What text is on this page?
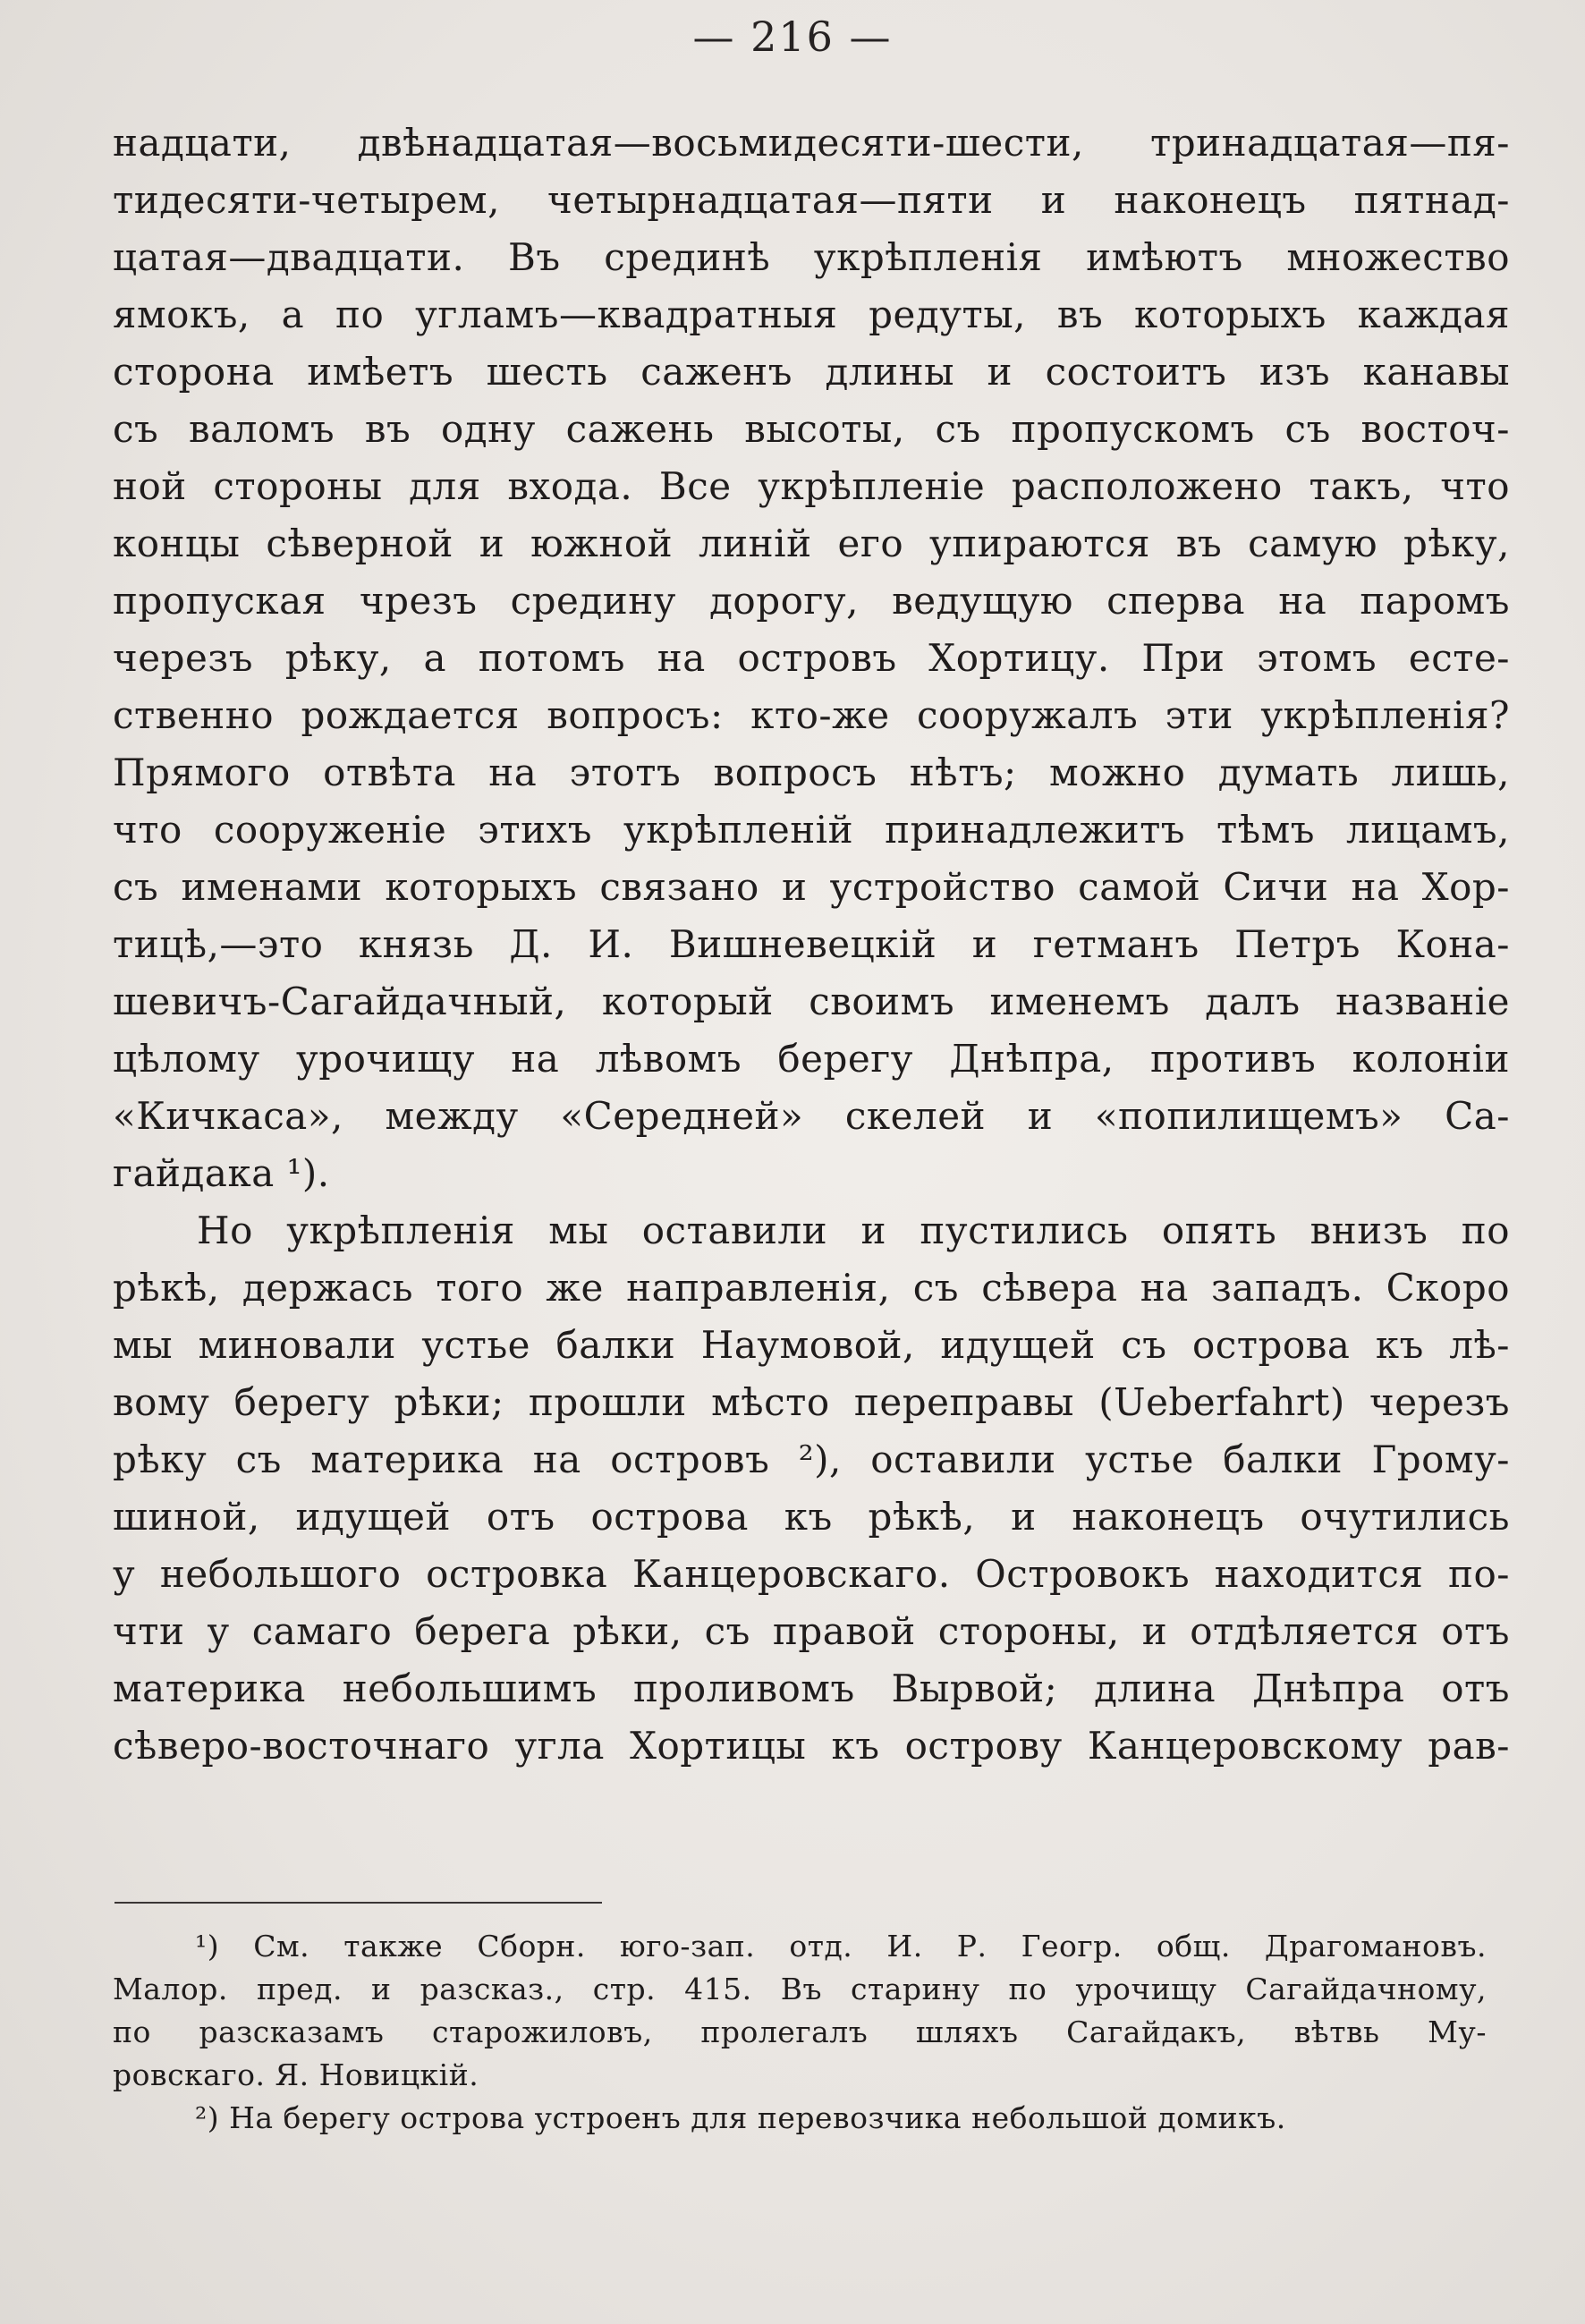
— 216 —
надцати, двѣнадцатая—восьмидесяти-шести, тринадцатая—пя-
тидесяти-четырем, четырнадцатая—пяти и наконецъ пятнад-
цатая—двадцати. Въ срединѣ укрѣпленія имѣютъ множество
ямокъ, а по угламъ—квадратныя редуты, въ которыхъ каждая
сторона имѣетъ шесть саженъ длины и состоитъ изъ канавы
съ валомъ въ одну сажень высоты, съ пропускомъ съ восточ-
ной стороны для входа. Все укрѣпленіе расположено такъ, что
концы сѣверной и южной линій его упираются въ самую рѣку,
пропуская чрезъ средину дорогу, ведущую сперва на паромъ
черезъ рѣку, а потомъ на островъ Хортицу. При этомъ есте-
ственно рождается вопросъ: кто-же сооружалъ эти укрѣпленія?
Прямого отвѣта на этотъ вопросъ нѣтъ; можно думать лишь,
что сооруженіе этихъ укрѣпленій принадлежитъ тѣмъ лицамъ,
съ именами которыхъ связано и устройство самой Сичи на Хор-
тицѣ,—это князь Д. И. Вишневецкій и гетманъ Петръ Кона-
шевичъ-Сагайдачный, который своимъ именемъ далъ названіе
цѣлому урочищу на лѣвомъ берегу Днѣпра, противъ колоніи
«Кичкаса», между «Середней» скелей и «попилищемъ» Са-
гайдака ¹).
Но укрѣпленія мы оставили и пустились опять внизъ по
рѣкѣ, держась того же направленія, съ сѣвера на западъ. Скоро
мы миновали устье балки Наумовой, идущей съ острова къ лѣ-
вому берегу рѣки; прошли мѣсто переправы (Ueberfahrt) черезъ
рѣку съ материка на островъ ²), оставили устье балки Грому-
шиной, идущей отъ острова къ рѣкѣ, и наконецъ очутились
у небольшого островка Канцеровскаго. Островокъ находится по-
чти у самаго берега рѣки, съ правой стороны, и отдѣляется отъ
материка небольшимъ проливомъ Вырвой; длина Днѣпра отъ
сѣверо-восточнаго угла Хортицы къ острову Канцеровскому рав-
¹) См. также Сборн. юго-зап. отд. И. Р. Геогр. общ. Драгомановъ.
Малор. пред. и разсказ., стр. 415. Въ старину по урочищу Сагайдачному,
по разсказамъ старожиловъ, пролегалъ шляхъ Сагайдакъ, вѣтвь Му-
ровскаго. Я. Новицкій.
²) На берегу острова устроенъ для перевозчика небольшой домикъ.
